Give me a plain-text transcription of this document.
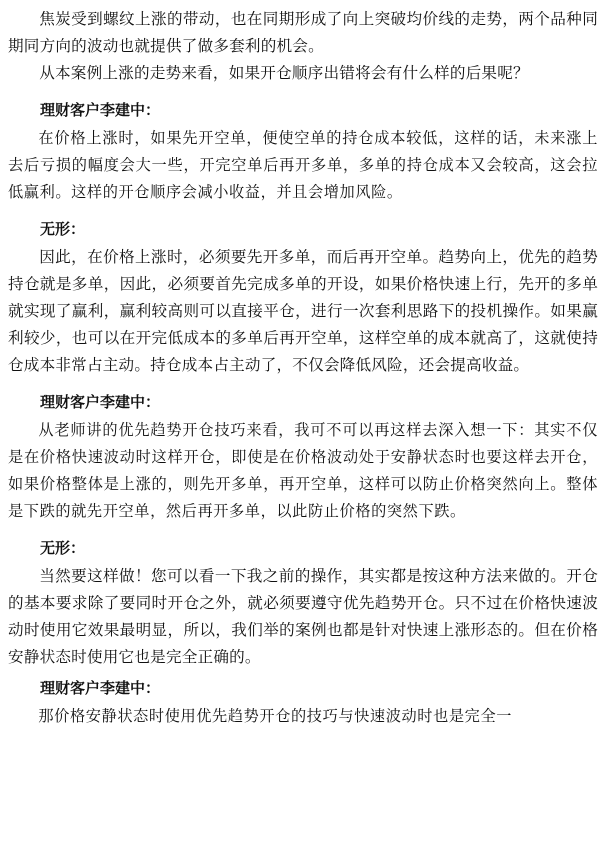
焦炭受到螺纹上涨的带动，也在同期形成了向上突破均价线的走势，两个品种同期同方向的波动也就提供了做多套利的机会。

从本案例上涨的走势来看，如果开仓顺序出错将会有什么样的后果呢？

理财客户李建中：

在价格上涨时，如果先开空单，便使空单的持仓成本较低，这样的话，未来涨上去后亏损的幅度会大一些，开完空单后再开多单，多单的持仓成本又会较高，这会拉低赢利。这样的开仓顺序会减小收益，并且会增加风险。

无形：

因此，在价格上涨时，必须要先开多单，而后再开空单。趋势向上，优先的趋势持仓就是多单，因此，必须要首先完成多单的开设，如果价格快速上行，先开的多单就实现了赢利，赢利较高则可以直接平仓，进行一次套利思路下的投机操作。如果赢利较少，也可以在开完低成本的多单后再开空单，这样空单的成本就高了，这就使持仓成本非常占主动。持仓成本占主动了，不仅会降低风险，还会提高收益。

理财客户李建中：

从老师讲的优先趋势开仓技巧来看，我可不可以再这样去深入想一下：其实不仅是在价格快速波动时这样开仓，即使是在价格波动处于安静状态时也要这样去开仓，如果价格整体是上涨的，则先开多单，再开空单，这样可以防止价格突然向上。整体是下跌的就先开空单，然后再开多单，以此防止价格的突然下跌。

无形：

当然要这样做！您可以看一下我之前的操作，其实都是按这种方法来做的。开仓的基本要求除了要同时开仓之外，就必须要遵守优先趋势开仓。只不过在价格快速波动时使用它效果最明显，所以，我们举的案例也都是针对快速上涨形态的。但在价格安静状态时使用它也是完全正确的。

理财客户李建中：

那价格安静状态时使用优先趋势开仓的技巧与快速波动时也是完全一
